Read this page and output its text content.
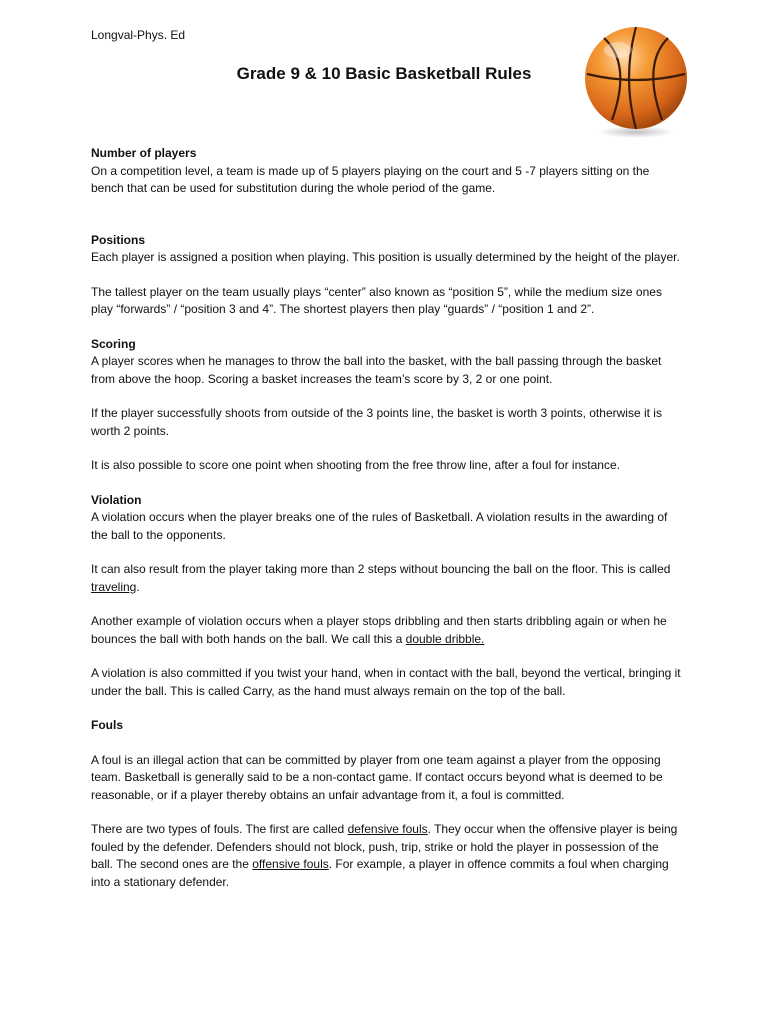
Longval-Phys. Ed
Grade 9 & 10 Basic Basketball Rules
Number of players

On a competition level, a team is made up of 5 players playing on the court and 5 -7 players sitting on the bench that can be used for substitution during the whole period of the game.

Positions

Each player is assigned a position when playing. This position is usually determined by the height of the player.

The tallest player on the team usually plays “center” also known as “position 5”, while the medium size ones play “forwards” / “position 3 and 4”. The shortest players then play “guards” / “position 1 and 2”.

Scoring

A player scores when he manages to throw the ball into the basket, with the ball passing through the basket from above the hoop. Scoring a basket increases the team’s score by 3, 2 or one point.

If the player successfully shoots from outside of the 3 points line, the basket is worth 3 points, otherwise it is worth 2 points.

It is also possible to score one point when shooting from the free throw line, after a foul for instance.

Violation

A violation occurs when the player breaks one of the rules of Basketball. A violation results in the awarding of the ball to the opponents.

It can also result from the player taking more than 2 steps without bouncing the ball on the floor. This is called traveling.

Another example of violation occurs when a player stops dribbling and then starts dribbling again or when he bounces the ball with both hands on the ball. We call this a double dribble.

A violation is also committed if you twist your hand, when in contact with the ball, beyond the vertical, bringing it under the ball. This is called Carry, as the hand must always remain on the top of the ball.

Fouls

A foul is an illegal action that can be committed by player from one team against a player from the opposing team. Basketball is generally said to be a non-contact game. If contact occurs beyond what is deemed to be reasonable, or if a player thereby obtains an unfair advantage from it, a foul is committed.

There are two types of fouls. The first are called defensive fouls. They occur when the offensive player is being fouled by the defender. Defenders should not block, push, trip, strike or hold the player in possession of the ball. The second ones are the offensive fouls. For example, a player in offence commits a foul when charging into a stationary defender.
